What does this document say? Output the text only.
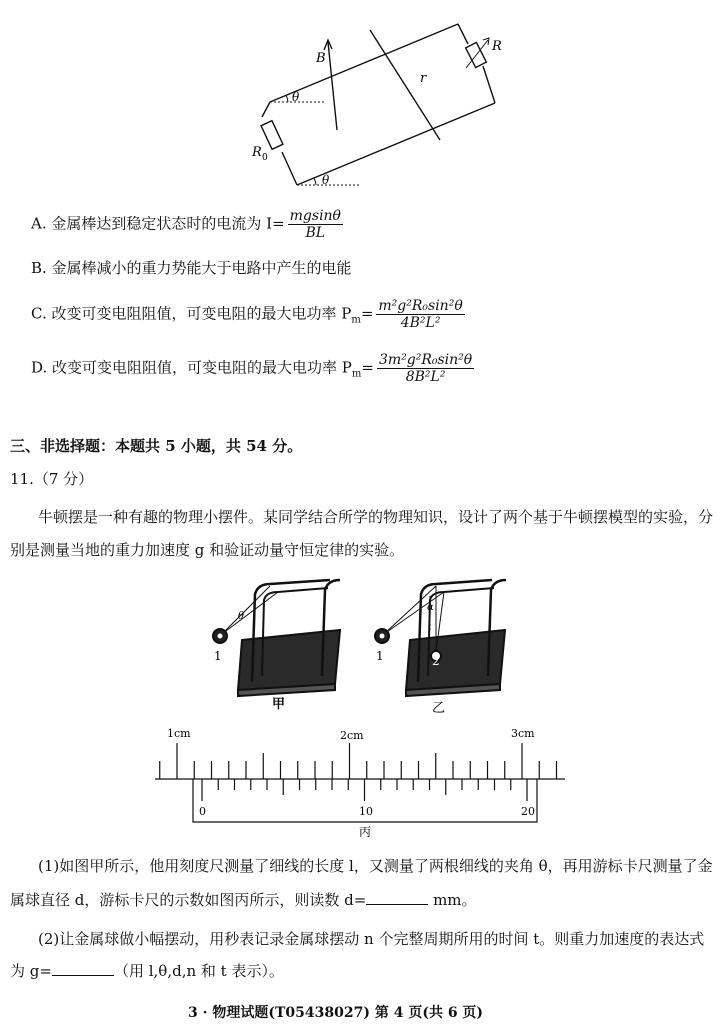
B
R
r
R 0
θ
θ
A. 金属棒达到稳定状态时的电流为 $I= \frac{mgsin\theta}{BL}$
B. 金属棒减小的重力势能大于电路中产生的电能
C. 改变可变电阻阻值，可变电阻的最大电功率 $P_m= \frac{\text{m²g²R₀sin²θ}}{\text{4B²L²}}$
D. 改变可变电阻阻值，可变电阻的最大电功率 $P_m= \frac{\text{3m²g²R₀sin²θ}}{\text{8B²L²}}$
三、非选择题：本题共 5 小题，共 54 分。
11.（7 分）
牛顿摆是一种有趣的物理小摆件。某同学结合所学的物理知识，设计了两个基于牛顿摆模型的实验，分
别是测量当地的重力加速度 g 和验证动量守恒定律的实验。
θ
1
α
1	2
甲	乙
1cm	2cm	3cm
0	10	20
丙
(1)如图甲所示，他用刻度尺测量了细线的长度 l，又测量了两根细线的夹角 θ，再用游标卡尺测量了金
属球直径 d，游标卡尺的示数如图丙所示，则读数 d=	mm。
(2)让金属球做小幅摆动，用秒表记录金属球摆动 n 个完整周期所用的时间 t。则重力加速度的表达式
为 g=	（用 l,θ,d,n 和 t 表示）。
3 · 物理试题(T05438027) 第 4 页(共 6 页)
